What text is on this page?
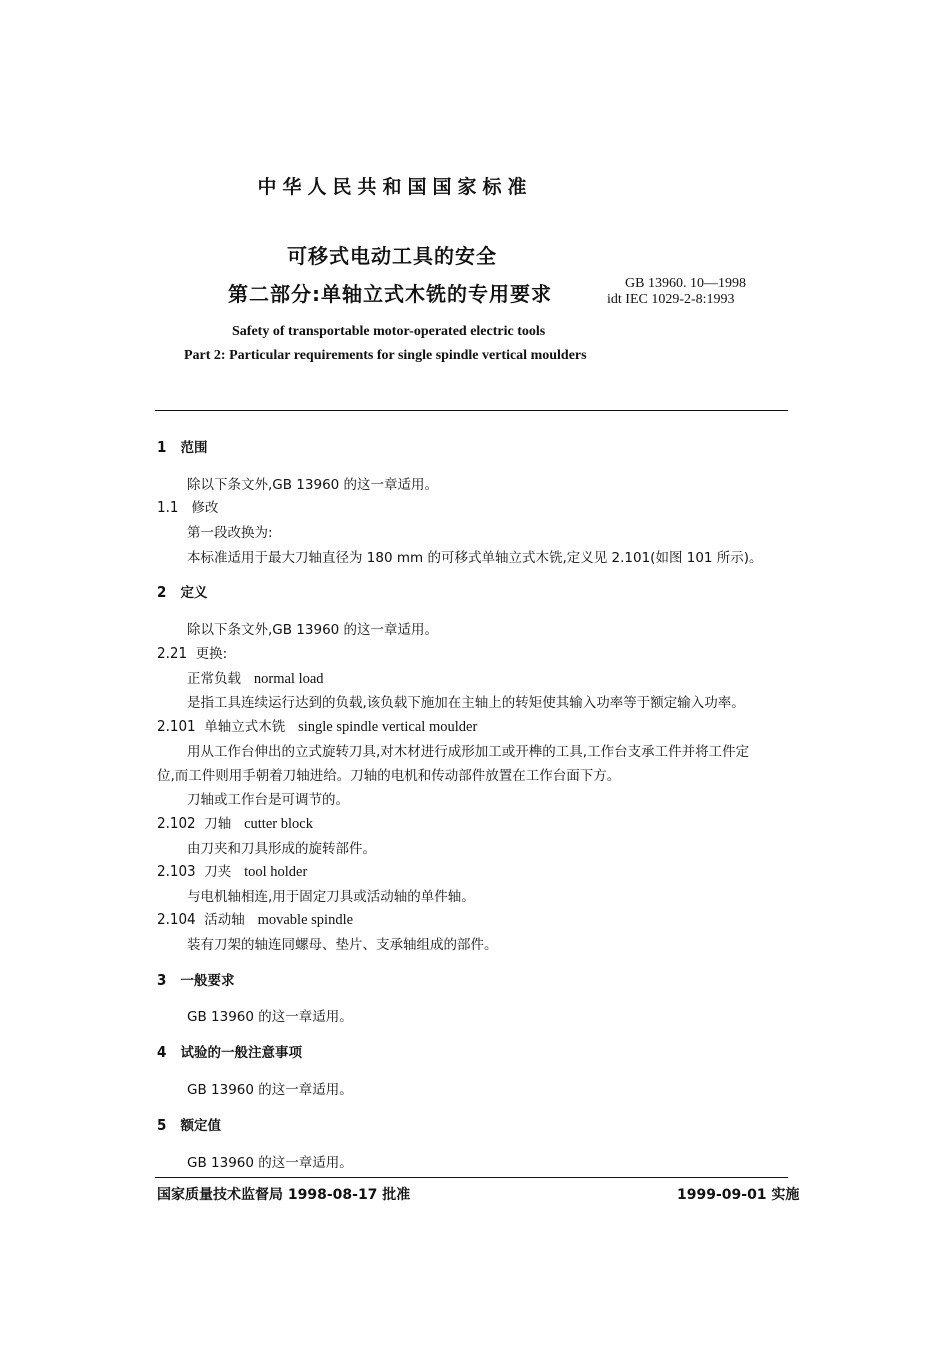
中华人民共和国国家标准
可移式电动工具的安全
第二部分:单轴立式木铣的专用要求	GB 13960. 10—1998
idt IEC 1029-2-8:1993
Safety of transportable motor-operated electric tools
Part 2: Particular requirements for single spindle vertical moulders
1 范围
除以下条文外,GB 13960 的这一章适用。
1.1 修改
第一段改换为:
本标准适用于最大刀轴直径为 180 mm 的可移式单轴立式木铣,定义见 2.101(如图 101 所示)。
2 定义
除以下条文外,GB 13960 的这一章适用。
2.21 更换:
正常负载 normal load
是指工具连续运行达到的负载,该负载下施加在主轴上的转矩使其输入功率等于额定输入功率。
2.101 单轴立式木铣 single spindle vertical moulder
用从工作台伸出的立式旋转刀具,对木材进行成形加工或开榫的工具,工作台支承工件并将工件定
位,而工件则用手朝着刀轴进给。刀轴的电机和传动部件放置在工作台面下方。
刀轴或工作台是可调节的。
2.102 刀轴 cutter block
由刀夹和刀具形成的旋转部件。
2.103 刀夹 tool holder
与电机轴相连,用于固定刀具或活动轴的单件轴。
2.104 活动轴 movable spindle
装有刀架的轴连同螺母、垫片、支承轴组成的部件。
3 一般要求
GB 13960 的这一章适用。
4 试验的一般注意事项
GB 13960 的这一章适用。
5 额定值
GB 13960 的这一章适用。
国家质量技术监督局 1998-08-17 批准	1999-09-01 实施
